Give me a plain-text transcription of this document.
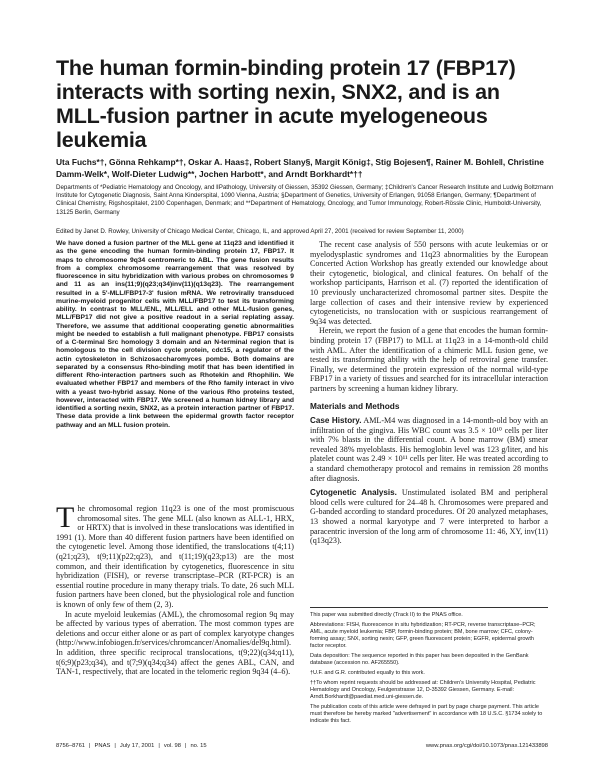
The human formin-binding protein 17 (FBP17) interacts with sorting nexin, SNX2, and is an MLL-fusion partner in acute myelogeneous leukemia
Uta Fuchs*†, Gönna Rehkamp*†, Oskar A. Haas‡, Robert Slany§, Margit König‡, Stig Bojesen¶, Rainer M. Bohle‖, Christine Damm-Welk*, Wolf-Dieter Ludwig**, Jochen Harbott*, and Arndt Borkhardt*††
Departments of *Pediatric Hematology and Oncology, and ‖Pathology, University of Giessen, 35392 Giessen, Germany; ‡Children's Cancer Research Institute and Ludwig Boltzmann Institute for Cytogenetic Diagnosis, Saint Anna Kinderspital, 1090 Vienna, Austria; §Department of Genetics, University of Erlangen, 91058 Erlangen, Germany; ¶Department of Clinical Chemistry, Rigshospitalet, 2100 Copenhagen, Denmark; and **Department of Hematology, Oncology, and Tumor Immunology, Robert-Rössle Clinic, Humboldt-University, 13125 Berlin, Germany
Edited by Janet D. Rowley, University of Chicago Medical Center, Chicago, IL, and approved April 27, 2001 (received for review September 11, 2000)
We have doned a fusion partner of the MLL gene at 11q23 and identified it as the gene encoding the human formin-binding protein 17, FBP17. It maps to chromosome 9q34 centromeric to ABL. The gene fusion results from a complex chromosome rearrangement that was resolved by fluorescence in situ hybridization with various probes on chromosomes 9 and 11 as an ins(11;9)(q23;q34)inv(11)(q13q23). The rearrangement resulted in a 5'-MLL/FBP17-3' fusion mRNA. We retrovirally transduced murine-myeloid progenitor cells with MLL/FBP17 to test its transforming ability. In contrast to MLL/ENL, MLL/ELL and other MLL-fusion genes, MLL/FBP17 did not give a positive readout in a serial replating assay. Therefore, we assume that additional cooperating genetic abnormalities might be needed to establish a full malignant phenotype. FBP17 consists of a C-terminal Src homology 3 domain and an N-terminal region that is homologous to the cell division cycle protein, cdc15, a regulator of the actin cytoskeleton in Schizosaccharomyces pombe. Both domains are separated by a consensus Rho-binding motif that has been identified in different Rho-interaction partners such as Rhotekin and Rhophilin. We evaluated whether FBP17 and members of the Rho family interact in vivo with a yeast two-hybrid assay. None of the various Rho proteins tested, however, interacted with FBP17. We screened a human kidney library and identified a sorting nexin, SNX2, as a protein interaction partner of FBP17. These data provide a link between the epidermal growth factor receptor pathway and an MLL fusion protein.

The chromosomal region 11q23 is one of the most promiscuous chromosomal sites. The gene MLL (also known as ALL-1, HRX, or HRTX) that is involved in these translocations was identified in 1991 (1). More than 40 different fusion partners have been identified on the cytogenetic level. Among those identified, the translocations t(4;11)(q21;q23), t(9;11)(p22;q23), and t(11;19)(q23;p13) are the most common, and their identification by cytogenetics, fluorescence in situ hybridization (FISH), or reverse transcriptase–PCR (RT-PCR) is an essential routine procedure in many therapy trials. To date, 26 such MLL fusion partners have been cloned, but the physiological role and function is known of only few of them (2, 3).

In acute myeloid leukemias (AML), the chromosomal region 9q may be affected by various types of aberration. The most common types are deletions and occur either alone or as part of complex karyotype changes (http://www.infobiogen.fr/services/chromcancer/Anomalies/del9q.html). In addition, three specific reciprocal translocations, t(9;22)(q34;q11), t(6;9)(p23;q34), and t(7;9)(q34;q34) affect the genes ABL, CAN, and TAN-1, respectively, that are located in the telomeric region 9q34 (4–6).

The recent case analysis of 550 persons with acute leukemias or or myelodysplastic syndromes and 11q23 abnormalities by the European Concerted Action Workshop has greatly extended our knowledge about their cytogenetic, biological, and clinical features. On behalf of the workshop participants, Harrison et al. (7) reported the identification of 10 previously uncharacterized chromosomal partner sites. Despite the large collection of cases and their intensive review by experienced cytogeneticists, no translocation with or suspicious rearrangement of 9q34 was detected.

Herein, we report the fusion of a gene that encodes the human formin-binding protein 17 (FBP17) to MLL at 11q23 in a 14-month-old child with AML. After the identification of a chimeric MLL fusion gene, we tested its transforming ability with the help of retroviral gene transfer. Finally, we determined the protein expression of the normal wild-type FBP17 in a variety of tissues and searched for its intracellular interaction partners by screening a human kidney library.

Materials and Methods

Case History. AML-M4 was diagnosed in a 14-month-old boy with an infiltration of the gingiva. His WBC count was 3.5 × 10¹⁰ cells per liter with 7% blasts in the differential count. A bone marrow (BM) smear revealed 38% myeloblasts. His hemoglobin level was 123 g/liter, and his platelet count was 2.49 × 10¹¹ cells per liter. He was treated according to a standard chemotherapy protocol and remains in remission 28 months after diagnosis.

Cytogenetic Analysis. Unstimulated isolated BM and peripheral blood cells were cultured for 24–48 h. Chromosomes were prepared and G-banded according to standard procedures. Of 20 analyzed metaphases, 13 showed a normal karyotype and 7 were interpreted to harbor a paracentric inversion of the long arm of chromosome 11: 46, XY, inv(11)(q13q23).

This paper was submitted directly (Track II) to the PNAS office.

Abbreviations: FISH, fluorescence in situ hybridization; RT-PCR, reverse transcriptase–PCR; AML, acute myeloid leukemia; FBP, formin-binding protein; BM, bone marrow; CFC, colony-forming assay; SNX, sorting nexin; GFP, green fluorescent protein; EGFR, epidermal growth factor receptor.

Data deposition: The sequence reported in this paper has been deposited in the GenBank database (accession no. AF265550).

†U.F. and G.R. contributed equally to this work.

††To whom reprint requests should be addressed at: Children's University Hospital, Pediatric Hematology and Oncology, Feulgenstrasse 12, D-35392 Giessen, Germany. E-mail: Arndt.Borkhardt@paediat.med.uni-giessen.de.

The publication costs of this article were defrayed in part by page charge payment. This article must therefore be hereby marked "advertisement" in accordance with 18 U.S.C. §1734 solely to indicate this fact.

8756–8761 | PNAS | July 17, 2001 | vol. 98 | no. 15	www.pnas.org/cgi/doi/10.1073/pnas.121433898
